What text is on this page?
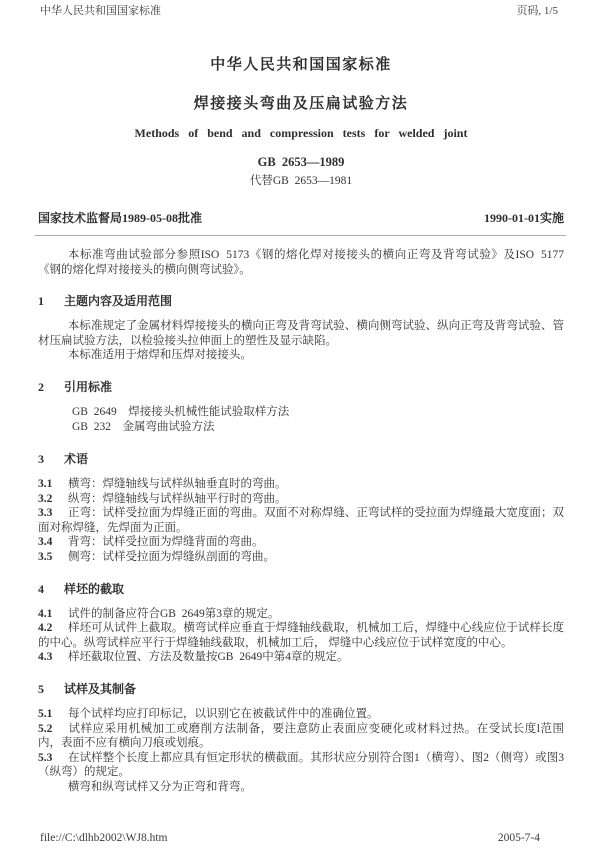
中华人民共和国国家标准	页码, 1/5

中华人民共和国国家标准

焊接接头弯曲及压扁试验方法

Methods of bend and compression tests for welded joint

GB  2653—1989

代替GB  2653—1981

国家技术监督局1989-05-08批准	1990-01-01实施

本标准弯曲试验部分参照ISO  5173《钢的熔化焊对接接头的横向正弯及背弯试验》及ISO  5177《钢的熔化焊对接接头的横向侧弯试验》。

1 主题内容及适用范围

本标准规定了金属材料焊接接头的横向正弯及背弯试验、横向侧弯试验、纵向正弯及背弯试验、管材压扁试验方法，以检验接头拉伸面上的塑性及显示缺陷。

本标准适用于熔焊和压焊对接接头。

2 引用标准

GB  2649　焊接接头机械性能试验取样方法

GB  232　金属弯曲试验方法

3 术语

3.1 横弯：焊缝轴线与试样纵轴垂直时的弯曲。

3.2 纵弯：焊缝轴线与试样纵轴平行时的弯曲。

3.3 正弯：试样受拉面为焊缝正面的弯曲。双面不对称焊缝、正弯试样的受拉面为焊缝最大宽度面；双面对称焊缝，先焊面为正面。

3.4 背弯：试样受拉面为焊缝背面的弯曲。

3.5 侧弯：试样受拉面为焊缝纵剖面的弯曲。

4 样坯的截取

4.1 试件的制备应符合GB  2649第3章的规定。

4.2 样坯可从试件上截取。横弯试样应垂直于焊缝轴线截取，机械加工后，焊缝中心线应位于试样长度的中心。纵弯试样应平行于焊缝轴线截取，机械加工后， 焊缝中心线应位于试样宽度的中心。

4.3 样坯截取位置、方法及数量按GB  2649中第4章的规定。

5 试样及其制备

5.1 每个试样均应打印标记，以识别它在被截试件中的准确位置。

5.2 试样应采用机械加工或磨削方法制备，要注意防止表面应变硬化或材料过热。在受试长度l范围内，表面不应有横向刀痕或划痕。

5.3 在试样整个长度上都应具有恒定形状的横截面。其形状应分别符合图1（横弯）、图2（侧弯）或图3（纵弯）的规定。

横弯和纵弯试样又分为正弯和背弯。

file://C:\dlhb2002\WJ8.htm	2005-7-4
